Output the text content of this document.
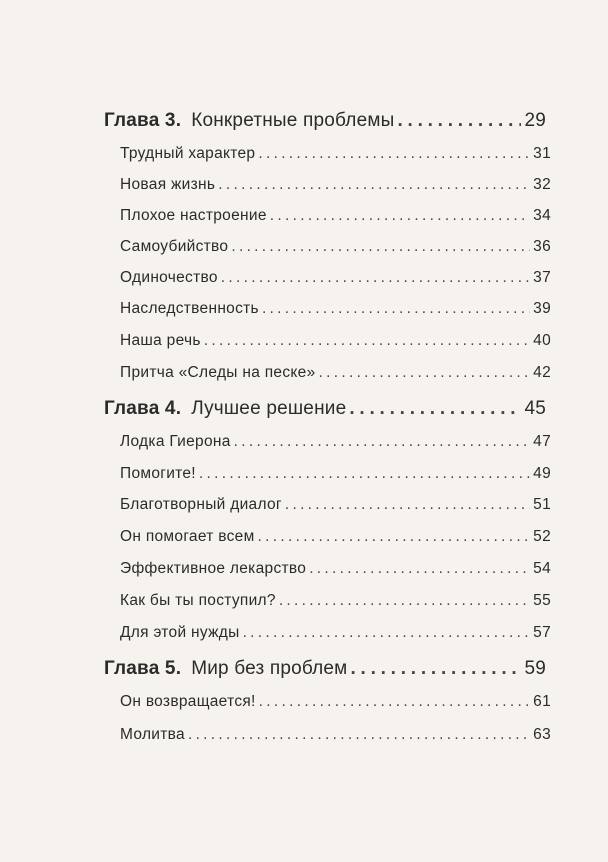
Глава 3. Конкретные проблемы . . .	29
Трудный характер . . .	31
Новая жизнь . . .	32
Плохое настроение . . .	34
Самоубийство . . .	36
Одиночество . . .	37
Наследственность . . .	39
Наша речь . . .	40
Притча «Следы на песке» . . .	42
Глава 4. Лучшее решение . . .	45
Лодка Гиерона . . .	47
Помогите! . . .	49
Благотворный диалог . . .	51
Он помогает всем . . .	52
Эффективное лекарство . . .	54
Как бы ты поступил? . . .	55
Для этой нужды . . .	57
Глава 5. Мир без проблем . . .	59
Он возвращается! . . .	61
Молитва . . .	63
